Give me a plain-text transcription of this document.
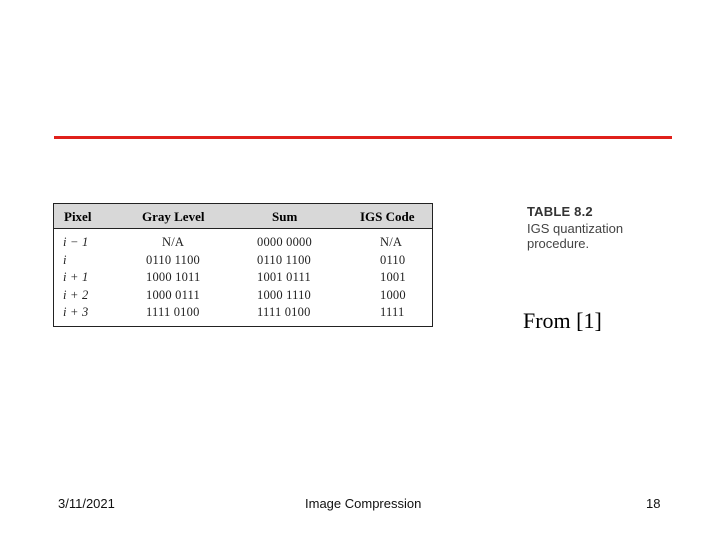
Pixel	Gray Level	Sum	IGS Code
i − 1	N/A	0000 0000	N/A
i	0110 1100	0110 1100	0110
i + 1	1000 1011	1001 0111	1001
i + 2	1000 0111	1000 1110	1000
i + 3	1111 0100	1111 0100	1111
TABLE 8.2
IGS quantization
procedure.
From [1]
3/11/2021	Image Compression	18
